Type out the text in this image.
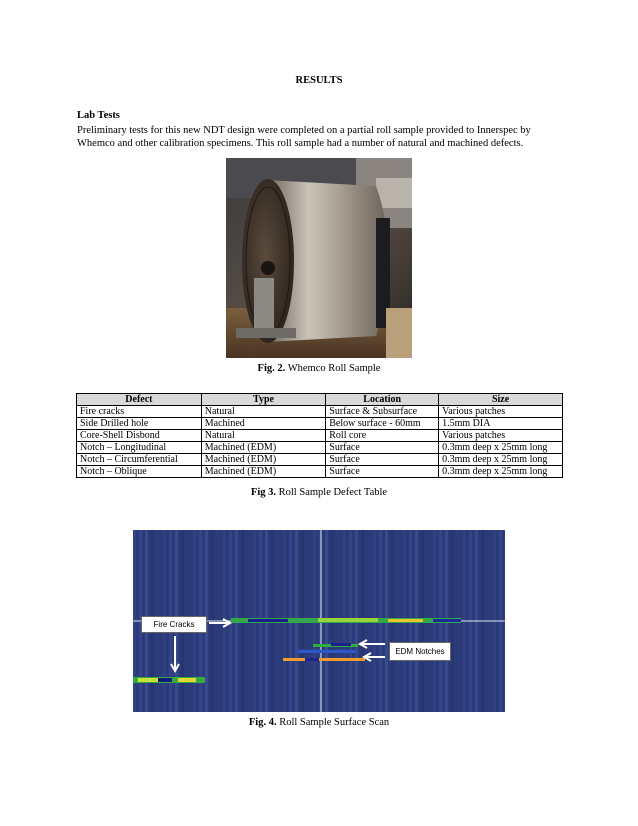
RESULTS
Lab Tests
Preliminary tests for this new NDT design were completed on a partial roll sample provided to Innerspec by Whemco and other calibration specimens. This roll sample had a number of natural and machined defects.
Fig. 2. Whemco Roll Sample
Defect	Type	Location	Size
Fire cracks	Natural	Surface & Subsurface	Various patches
Side Drilled hole	Machined	Below surface - 60mm	1.5mm DIA
Core-Shell Disbond	Natural	Roll core	Various patches
Notch – Longitudinal	Machined (EDM)	Surface	0.3mm deep x 25mm long
Notch – Circumferential	Machined (EDM)	Surface	0.3mm deep x 25mm long
Notch – Oblique	Machined (EDM)	Surface	0.3mm deep x 25mm long
Fig 3. Roll Sample Defect Table
Fire Cracks
EDM Notches
Fig. 4. Roll Sample Surface Scan
